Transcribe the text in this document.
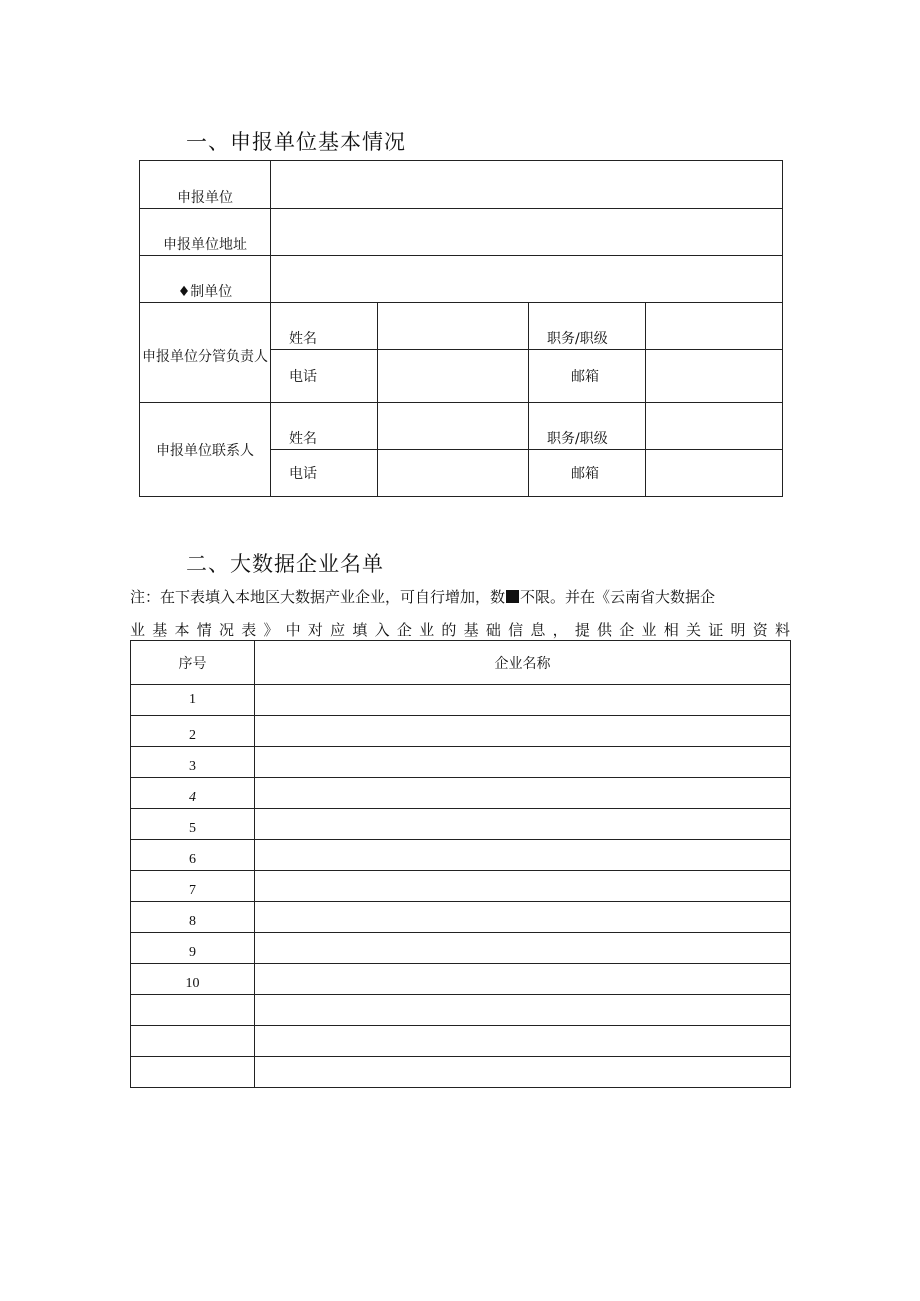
一、申报单位基本情况
申报单位				
申报单位地址				
♦制单位				
申报单位分管负责人	姓名		职务/职级	
	电话		邮箱	
申报单位联系人	姓名		职务/职级	
	电话		邮箱	
二、大数据企业名单
注：在下表填入本地区大数据产业企业，可自行增加，数 不限。并在《云南省大数据企
业基本情况表》中对应填入企业的基础信息，提供企业相关证明资料
序号	企业名称
1	
2	
3	
4	
5	
6	
7	
8	
9	
10	
